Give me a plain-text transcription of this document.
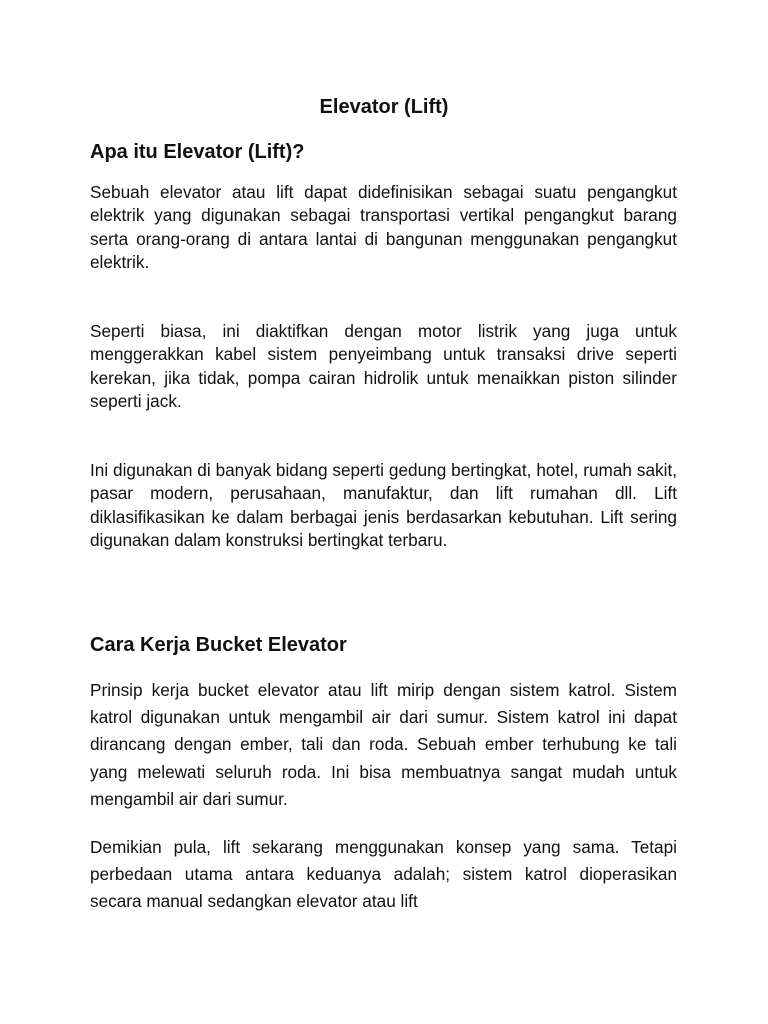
Elevator (Lift)
Apa itu Elevator (Lift)?

Sebuah elevator atau lift dapat didefinisikan sebagai suatu pengangkut elektrik yang digunakan sebagai transportasi vertikal pengangkut barang serta orang-orang di antara lantai di bangunan menggunakan pengangkut elektrik.

Seperti biasa, ini diaktifkan dengan motor listrik yang juga untuk menggerakkan kabel sistem penyeimbang untuk transaksi drive seperti kerekan, jika tidak, pompa cairan hidrolik untuk menaikkan piston silinder seperti jack.

Ini digunakan di banyak bidang seperti gedung bertingkat, hotel, rumah sakit, pasar modern, perusahaan, manufaktur, dan lift rumahan dll. Lift diklasifikasikan ke dalam berbagai jenis berdasarkan kebutuhan. Lift sering digunakan dalam konstruksi bertingkat terbaru.

Cara Kerja Bucket Elevator

Prinsip kerja bucket elevator atau lift mirip dengan sistem katrol. Sistem katrol digunakan untuk mengambil air dari sumur. Sistem katrol ini dapat dirancang dengan ember, tali dan roda. Sebuah ember terhubung ke tali yang melewati seluruh roda. Ini bisa membuatnya sangat mudah untuk mengambil air dari sumur.

Demikian pula, lift sekarang menggunakan konsep yang sama. Tetapi perbedaan utama antara keduanya adalah; sistem katrol dioperasikan secara manual sedangkan elevator atau lift
